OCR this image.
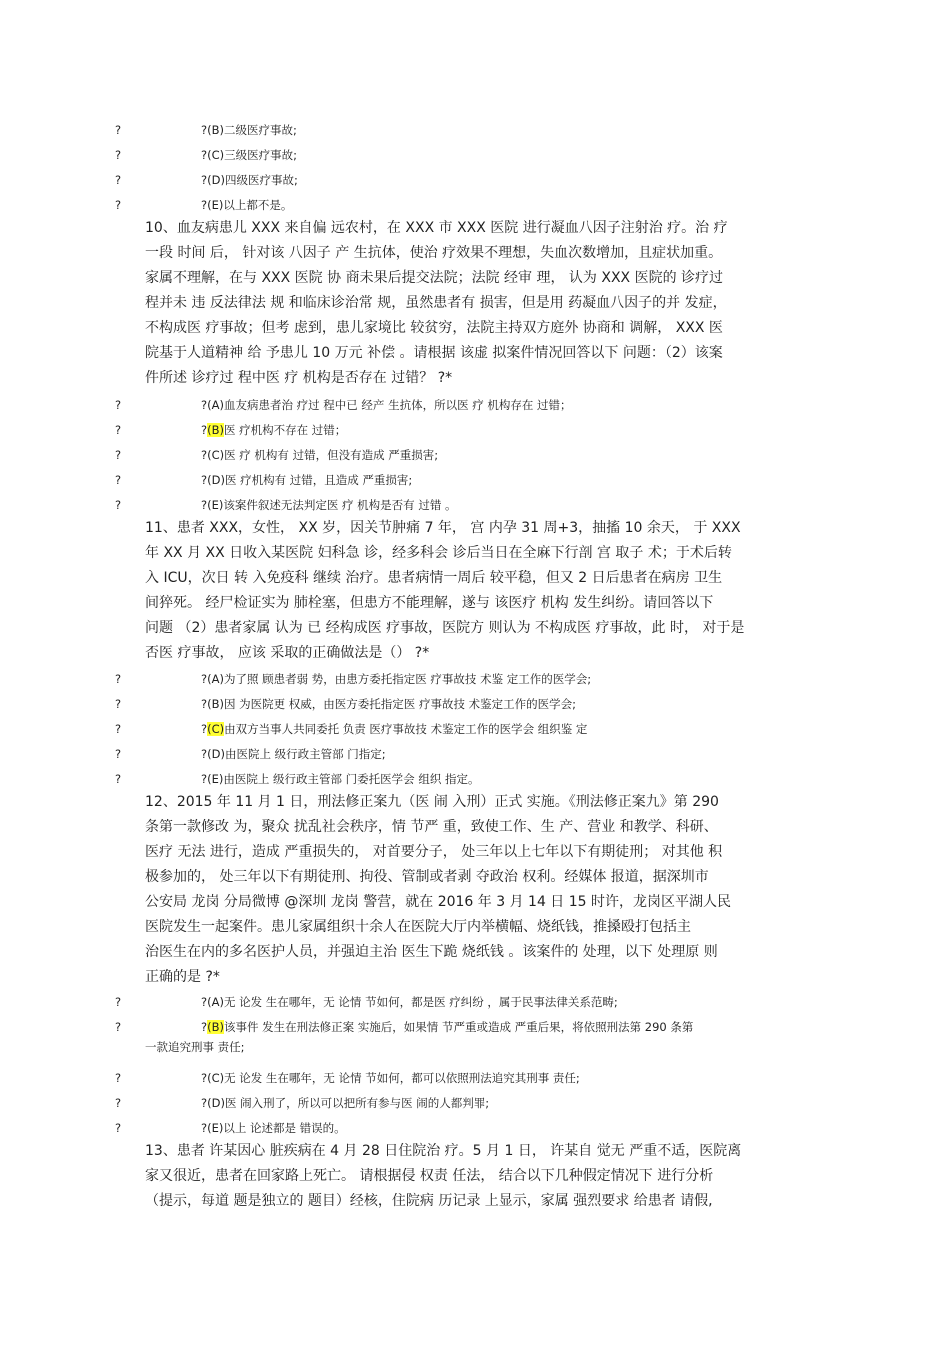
?	?(B)二级医疗事故;
?	?(C)三级医疗事故;
?	?(D)四级医疗事故;
?	?(E)以上都不是。

10、血友病患儿 XXX 来自偏 远农村，在 XXX 市 XXX 医院 进行凝血八因子注射治 疗。治 疗

一段 时间 后， 针对该 八因子 产 生抗体，使治 疗效果不理想，失血次数增加，且症状加重。

家属不理解，在与 XXX 医院 协 商未果后提交法院；法院 经审 理， 认为 XXX 医院的 诊疗过

程并未 违 反法律法 规 和临床诊治常 规，虽然患者有 损害，但是用 药凝血八因子的并 发症，

不构成医 疗事故；但考 虑到，患儿家境比 较贫穷，法院主持双方庭外 协商和 调解， XXX 医

院基于人道精神 给 予患儿 10 万元 补偿 。请根据 该虚 拟案件情况回答以下 问题：（2）该案

件所述 诊疗过 程中医 疗 机构是否存在 过错？ ?*

?	?(A)血友病患者治 疗过 程中已 经产 生抗体，所以医 疗 机构存在 过错；
?	?(B)医 疗机构不存在 过错；
?	?(C)医 疗 机构有 过错，但没有造成 严重损害;
?	?(D)医 疗机构有 过错，且造成 严重损害;
?	?(E)该案件叙述无法判定医 疗 机构是否有 过错 。

11、患者 XXX，女性， XX 岁，因关节肿痛 7 年， 宫 内孕 31 周+3，抽搐 10 余天， 于 XXX

年 XX 月 XX 日收入某医院 妇科急 诊，经多科会 诊后当日在全麻下行剖 宫 取子 术；于术后转

入 ICU，次日 转 入免疫科 继续 治疗。患者病情一周后 较平稳，但又 2 日后患者在病房 卫生

间猝死。 经尸检证实为 肺栓塞，但患方不能理解，遂与 该医疗 机构 发生纠纷。请回答以下

问题 （2）患者家属 认为 已 经构成医 疗事故，医院方 则认为 不构成医 疗事故，此 时， 对于是

否医 疗事故， 应该 采取的正确做法是（） ?*

?	?(A)为了照 顾患者弱 势，由患方委托指定医 疗事故技 术鉴 定工作的医学会;
?	?(B)因 为医院更 权威，由医方委托指定医 疗事故技 术鉴定工作的医学会;
?	?(C)由双方当事人共同委托 负责 医疗事故技 术鉴定工作的医学会 组织鉴 定
?	?(D)由医院上 级行政主管部 门指定;
?	?(E)由医院上 级行政主管部 门委托医学会 组织 指定。

12、2015 年 11 月 1 日，刑法修正案九（医 闹 入刑）正式 实施。《刑法修正案九》第 290

条第一款修改 为，聚众 扰乱社会秩序，情 节严 重，致使工作、生 产、营业 和教学、科研、

医疗 无法 进行，造成 严重损失的， 对首要分子， 处三年以上七年以下有期徒刑； 对其他 积

极参加的， 处三年以下有期徒刑、拘役、管制或者剥 夺政治 权利。经媒体 报道，据深圳市

公安局 龙岗 分局微博 @深圳 龙岗 警营，就在 2016 年 3 月 14 日 15 时许，龙岗区平湖人民

医院发生一起案件。患儿家属组织十余人在医院大厅内举横幅、烧纸钱，推搡殴打包括主

治医生在内的多名医护人员，并强迫主治 医生下跪 烧纸钱 。该案件的 处理，以下 处理原 则

正确的是 ?*

?	?(A)无 论发 生在哪年，无 论情 节如何，都是医 疗纠纷 ，属于民事法律关系范畴;
?	?(B)该事件 发生在刑法修正案 实施后，如果情 节严重或造成 严重后果，将依照刑法第 290 条第
一款追究刑事 责任;
?	?(C)无 论发 生在哪年，无 论情 节如何，都可以依照刑法追究其刑事 责任;
?	?(D)医 闹入刑了，所以可以把所有参与医 闹的人都判罪;
?	?(E)以上 论述都是 错误的。

13、患者 许某因心 脏疾病在 4 月 28 日住院治 疗。5 月 1 日， 许某自 觉无 严重不适，医院离

家又很近，患者在回家路上死亡。 请根据侵 权责 任法， 结合以下几种假定情况下 进行分析

（提示，每道 题是独立的 题目）经核，住院病 历记录 上显示，家属 强烈要求 给患者 请假,
